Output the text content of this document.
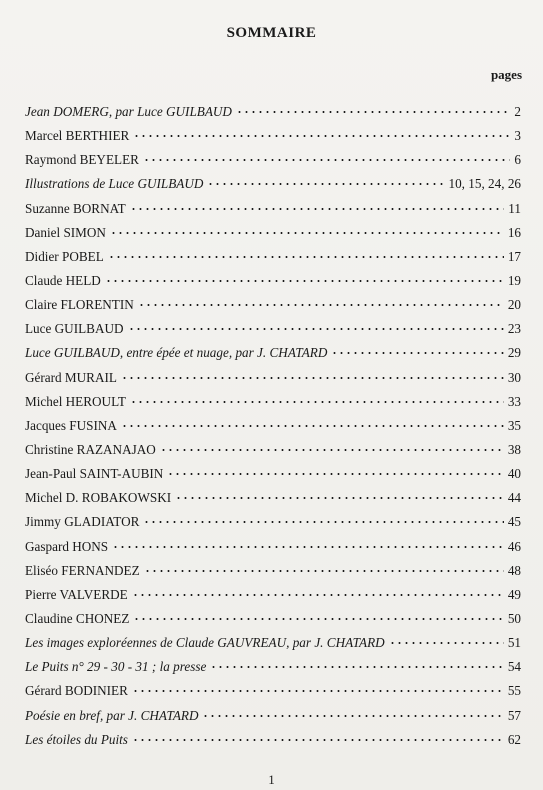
SOMMAIRE
pages
Jean DOMERG, par Luce GUILBAUD	2
Marcel BERTHIER	3
Raymond BEYELER	6
Illustrations de Luce GUILBAUD	10, 15, 24, 26
Suzanne BORNAT	11
Daniel SIMON	16
Didier POBEL	17
Claude HELD	19
Claire FLORENTIN	20
Luce GUILBAUD	23
Luce GUILBAUD, entre épée et nuage, par J. CHATARD	29
Gérard MURAIL	30
Michel HEROULT	33
Jacques FUSINA	35
Christine RAZANAJAO	38
Jean-Paul SAINT-AUBIN	40
Michel D. ROBAKOWSKI	44
Jimmy GLADIATOR	45
Gaspard HONS	46
Eliséo FERNANDEZ	48
Pierre VALVERDE	49
Claudine CHONEZ	50
Les images exploréennes de Claude GAUVREAU, par J. CHATARD	51
Le Puits n° 29 - 30 - 31 ; la presse	54
Gérard BODINIER	55
Poésie en bref, par J. CHATARD	57
Les étoiles du Puits	62
1
